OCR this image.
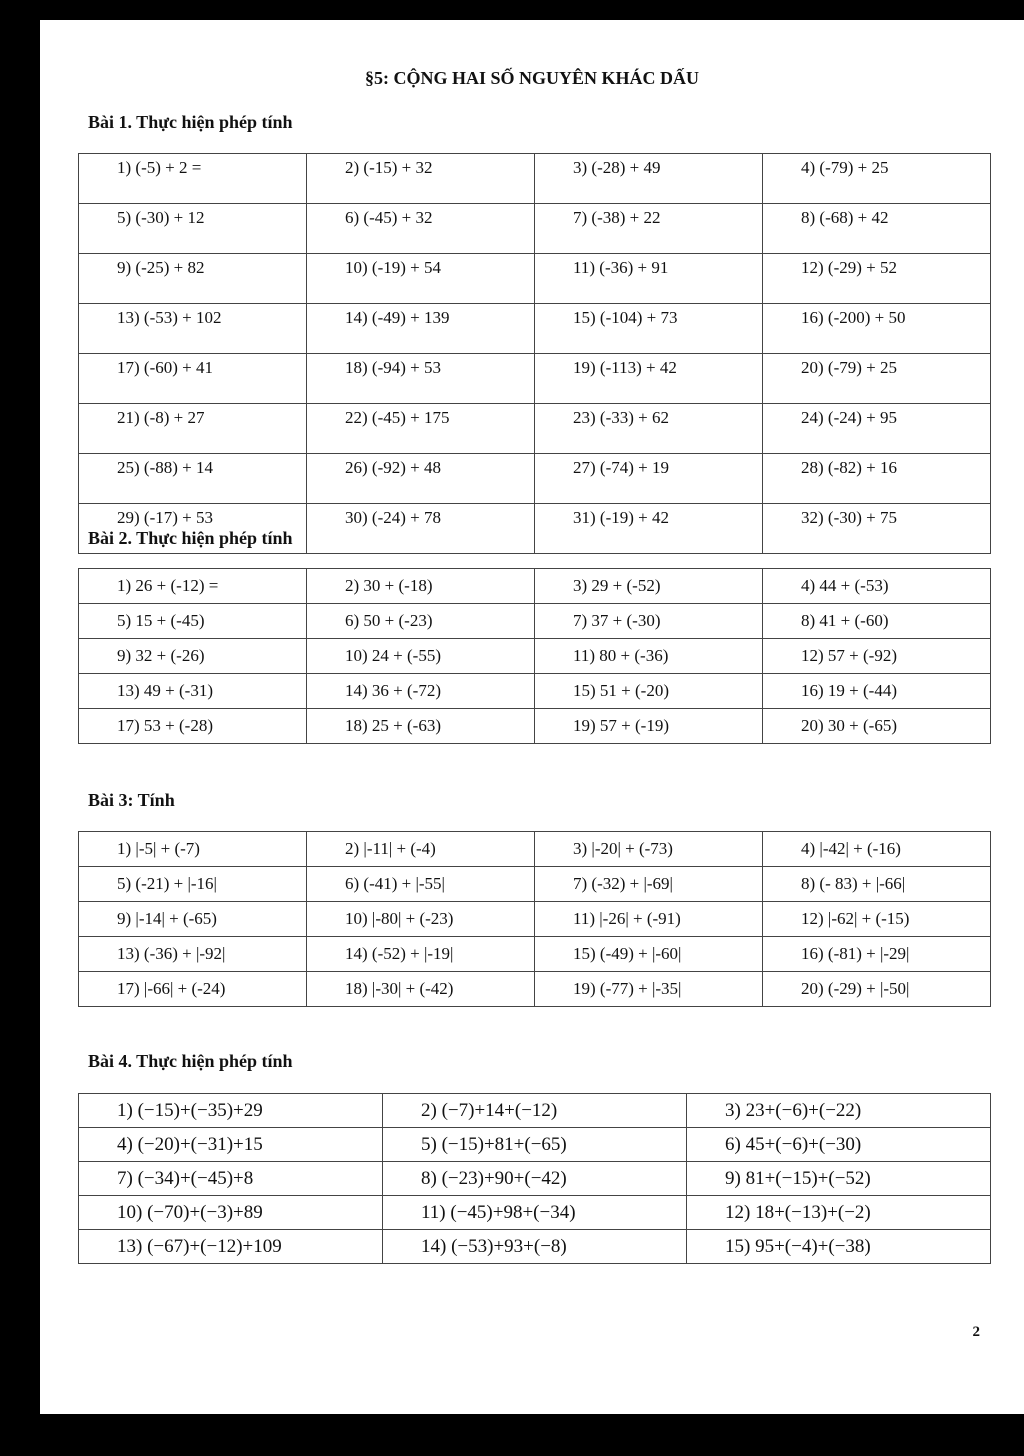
§5: CỘNG HAI SỐ NGUYÊN KHÁC DẤU
Bài 1. Thực hiện phép tính
1) (-5) + 2 =	2) (-15) + 32	3) (-28) + 49	4) (-79) + 25
5) (-30) + 12	6) (-45) + 32	7) (-38) + 22	8) (-68) + 42
9) (-25) + 82	10) (-19) + 54	11) (-36) + 91	12) (-29) + 52
13) (-53) + 102	14) (-49) + 139	15) (-104) + 73	16) (-200) + 50
17) (-60) + 41	18) (-94) + 53	19) (-113) + 42	20) (-79) + 25
21) (-8) + 27	22) (-45) + 175	23) (-33) + 62	24) (-24) + 95
25) (-88) + 14	26) (-92) + 48	27) (-74) + 19	28) (-82) + 16
29) (-17) + 53	30) (-24) + 78	31) (-19) + 42	32) (-30) + 75
Bài 2. Thực hiện phép tính
1) 26 + (-12) =	2) 30 + (-18)	3) 29 + (-52)	4) 44 + (-53)
5) 15 + (-45)	6) 50 + (-23)	7) 37 + (-30)	8) 41 + (-60)
9) 32 + (-26)	10) 24 + (-55)	11) 80 + (-36)	12) 57 + (-92)
13) 49 + (-31)	14) 36 + (-72)	15) 51 + (-20)	16) 19 + (-44)
17) 53 + (-28)	18) 25 + (-63)	19) 57 + (-19)	20) 30 + (-65)
Bài 3: Tính
1) |-5| + (-7)	2) |-11| + (-4)	3) |-20| + (-73)	4) |-42| + (-16)
5) (-21) + |-16|	6) (-41) + |-55|	7) (-32) + |-69|	8) (- 83) + |-66|
9) |-14| + (-65)	10) |-80| + (-23)	11) |-26| + (-91)	12) |-62| + (-15)
13) (-36) + |-92|	14) (-52) + |-19|	15) (-49) + |-60|	16) (-81) + |-29|
17) |-66| + (-24)	18) |-30| + (-42)	19) (-77) + |-35|	20) (-29) + |-50|
Bài 4. Thực hiện phép tính
1) (−15)+(−35)+29	2) (−7)+14+(−12)	3) 23+(−6)+(−22)
4) (−20)+(−31)+15	5) (−15)+81+(−65)	6) 45+(−6)+(−30)
7) (−34)+(−45)+8	8) (−23)+90+(−42)	9) 81+(−15)+(−52)
10) (−70)+(−3)+89	11) (−45)+98+(−34)	12) 18+(−13)+(−2)
13) (−67)+(−12)+109	14) (−53)+93+(−8)	15) 95+(−4)+(−38)
2
